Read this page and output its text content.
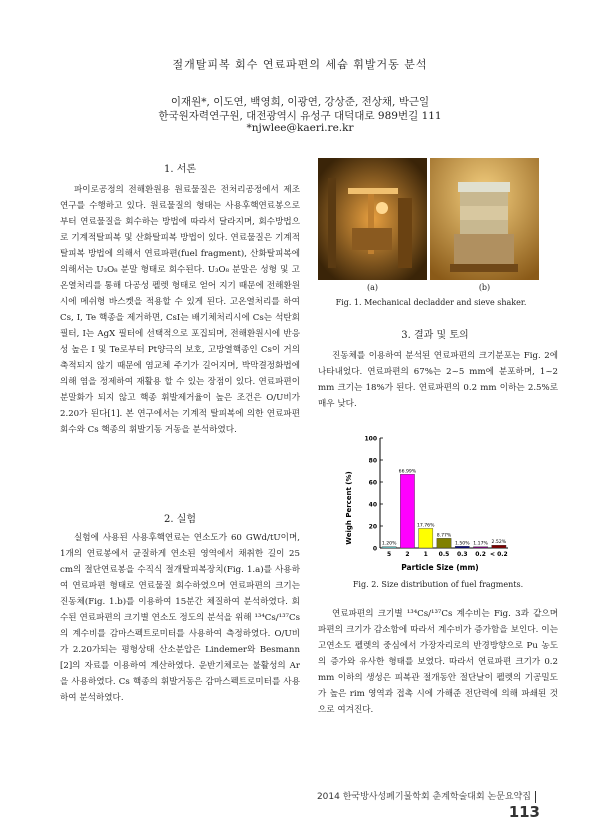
절개탈피복 회수 연료파편의 세슘 휘발거동 분석
이재원*, 이도연, 백영희, 이광연, 강상준, 전상채, 박근일
한국원자력연구원, 대전광역시 유성구 대덕대로 989번길 111
*njwlee@kaeri.re.kr
1. 서론

파이로공정의 전해환원용 원료물질은 전처리공정에서 제조 연구를 수행하고 있다. 원료물질의 형태는 사용후핵연료봉으로 부터 연료물질을 회수하는 방법에 따라서 달라지며, 회수방법으로 기계적탈피복 및 산화탈피복 방법이 있다. 연료물질은 기계적 탈피복 방법에 의해서 연료파편(fuel fragment), 산화탈피복에 의해서는 U₃O₈ 분말 형태로 회수된다. U₃O₈ 분말은 성형 및 고온열처리를 통해 다공성 펠렛 형태로 얻어 지기 때문에 전해환원시에 메쉬형 바스켓을 적용할 수 있게 된다. 고온열처리를 하여 Cs, I, Te 핵종을 제거하면, CsI는 배기체처리시에 Cs는 석탄회 필터, I는 AgX 필터에 선택적으로 포집되며, 전해환원시에 반응성 높은 I 및 Te로부터 Pt양극의 보호, 고방열핵종인 Cs이 거의 축적되지 않기 때문에 염교체 주기가 길어지며, 박막결정화법에 의해 염을 정제하여 재활용 할 수 있는 장점이 있다. 연료파편이 분말화가 되지 않고 핵종 휘발제거율이 높은 조건은 O/U비가 2.20가 된다[1]. 본 연구에서는 기계적 탈피복에 의한 연료파편 회수와 Cs 핵종의 휘발기동 거동을 분석하였다.

2. 실험

실험에 사용된 사용후핵연료는 연소도가 60 GWd/tU이며, 1개의 연료봉에서 균질하게 연소된 영역에서 채취한 길이 25 cm의 절단연료봉을 수직식 절개탈피복장치(Fig. 1.a)를 사용하여 연료파편 형태로 연료물질 회수하였으며 연료파편의 크기는 진동체(Fig. 1.b)를 이용하여 15분간 체질하여 분석하였다. 회수된 연료파편의 크기별 연소도 정도의 분석을 위해 ¹³⁴Cs/¹³⁷Cs의 계수비를 감마스펙트로미터를 사용하여 측정하였다. O/U비가 2.20가되는 평형상태 산소분압은 Lindemer와 Besmann [2]의 자료를 이용하여 계산하였다. 운반기체로는 불활성의 Ar을 사용하였다. Cs 핵종의 휘발거동은 감마스펙트로미터를 사용하여 분석하였다.

(a)	(b)
Fig. 1. Mechanical decladder and sieve shaker.
3. 결과 및 토의

진동체를 이용하여 분석된 연료파편의 크기분포는 Fig. 2에 나타내었다. 연료파편의 67%는 2~5 mm에 분포하며, 1~2 mm 크기는 18%가 된다. 연료파편의 0.2 mm 이하는 2.5%로 매우 낮다.

Weigh Percent (%)
Particle Size (mm)
0
20
40
60
80
100
1.20%
5
66.99%
2
17.76%
1
8.77%
0.5
1.50%
0.3
1.17%
0.2
2.52%
< 0.2
Fig. 2. Size distribution of fuel fragments.

연료파편의 크기별 ¹³⁴Cs/¹³⁷Cs 계수비는 Fig. 3과 같으며 파편의 크기가 감소함에 따라서 계수비가 증가함을 보인다. 이는 고연소도 펠렛의 중심에서 가장자리로의 반경방향으로 Pu 농도의 증가와 유사한 형태를 보였다. 따라서 연료파편 크기가 0.2 mm 이하의 생성은 피복관 절개동안 절단날이 펠렛의 기공밀도가 높은 rim 영역과 접촉 시에 가해준 전단력에 의해 파쇄된 것으로 여겨진다.

2014 한국방사성폐기물학회 춘계학술대회 논문요약집113
